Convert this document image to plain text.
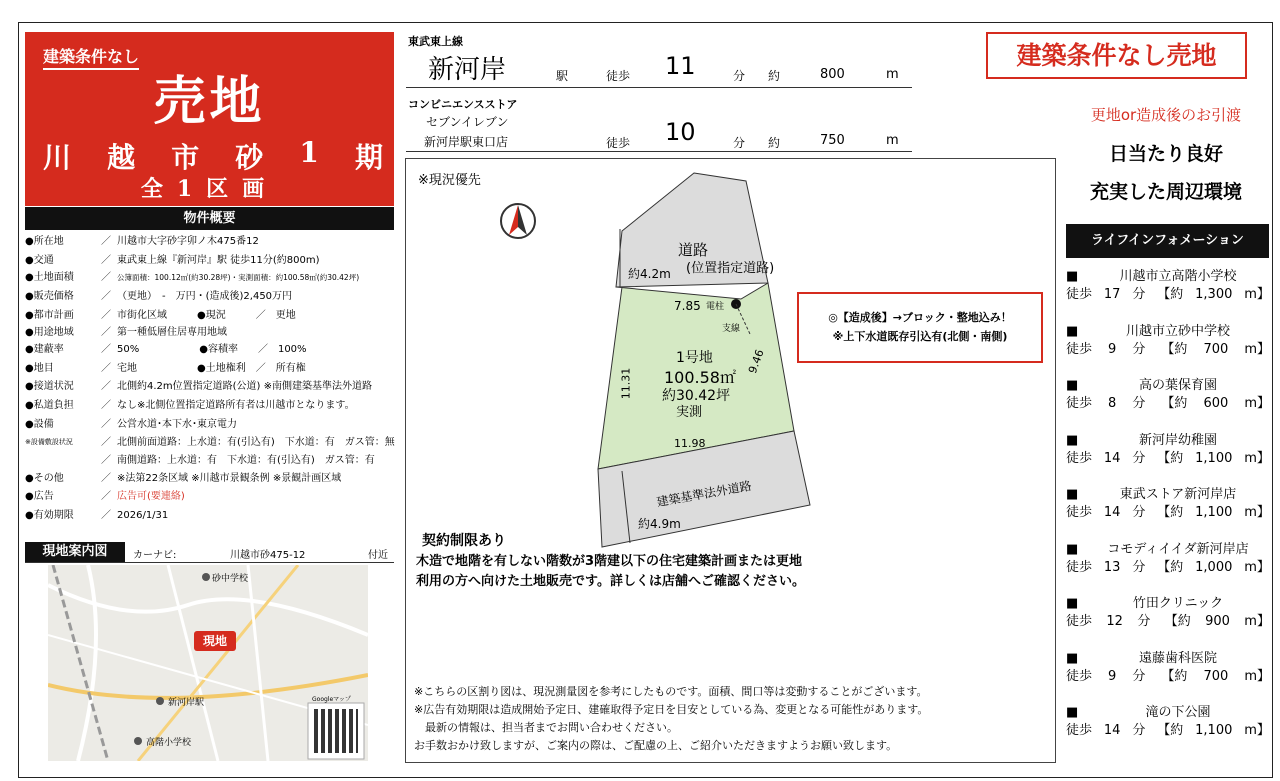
建築条件なし
売地
川 越 市 砂 1 期
全1区画
物件概要
●所在地	／ 川越市大字砂字卯ノ木475番12
●交通	／ 東武東上線『新河岸』駅 徒歩11分(約800m)
●土地面積	／ 公簿面積：100.12㎡(約30.28坪)・実測面積：約100.58㎡(約30.42坪)
●販売価格	／ （更地）　-　万円・(造成後)2,450万円
●都市計画	／ 市街化区域　　　●現況　　　／　更地
●用途地域	／ 第一種低層住居専用地域
●建蔽率	／ 50%　　　　　　●容積率　　／　100%
●地目	／ 宅地　　　　　　●土地権利　／　所有権
●接道状況	／ 北側約4.2m位置指定道路(公道) ※南側建築基準法外道路
●私道負担	／ なし※北側位置指定道路所有者は川越市となります。
●設備	／ 公営水道･本下水･東京電力
※設備敷設状況	／ 北側前面道路：上水道：有(引込有)　下水道：有　ガス管：無
／ 南側道路：上水道：有　下水道：有(引込有)　ガス管：有
●その他	／ ※法第22条区域 ※川越市景観条例 ※景観計画区域
●広告	／ 広告可(要連絡)
●有効期限	／ 2026/1/31
現地案内図	カーナビ:	川越市砂475-12	付近
砂中学校
新河岸駅
高階小学校
現地
Googleマップ
東武東上線
新河岸	駅	徒歩 11	分 約	800	m
コンビニエンスストア
セブンイレブン
新河岸駅東口店	徒歩 10	分 約	750	m
※現況優先
道路
(位置指定道路)
約4.2m
7.85 電柱
支線
9.46
11.31
11.98
1号地
100.58㎡
約30.42坪
実測
建築基準法外道路
約4.9m
◎【造成後】→ブロック・整地込み！
※上下水道既存引込有(北側・南側)
契約制限あり
木造で地階を有しない階数が3階建以下の住宅建築計画または更地
利用の方へ向けた土地販売です。詳しくは店舗へご確認ください。
※こちらの区割り図は、現況測量図を参考にしたものです。面積、間口等は変動することがございます。
※広告有効期限は造成開始予定日、建確取得予定日を目安としている為、変更となる可能性があります。
　最新の情報は、担当者までお問い合わせください。
お手数おかけ致しますが、ご案内の際は、ご配慮の上、ご紹介いただきますようお願い致します。
建築条件なし売地
更地or造成後のお引渡
日当たり良好
充実した周辺環境
ライフインフォメーション
■	川越市立高階小学校
徒歩 17 分 【約 1,300 m】
■	川越市立砂中学校
徒歩 9 分 【約 700 m】
■	高の葉保育園
徒歩 8 分 【約 600 m】
■	新河岸幼稚園
徒歩 14 分 【約 1,100 m】
■	東武ストア新河岸店
徒歩 14 分 【約 1,100 m】
■	コモディイイダ新河岸店
徒歩 13 分 【約 1,000 m】
■	竹田クリニック
徒歩 12 分 【約 900 m】
■	遠藤歯科医院
徒歩 9 分 【約 700 m】
■	滝の下公園
徒歩 14 分 【約 1,100 m】
